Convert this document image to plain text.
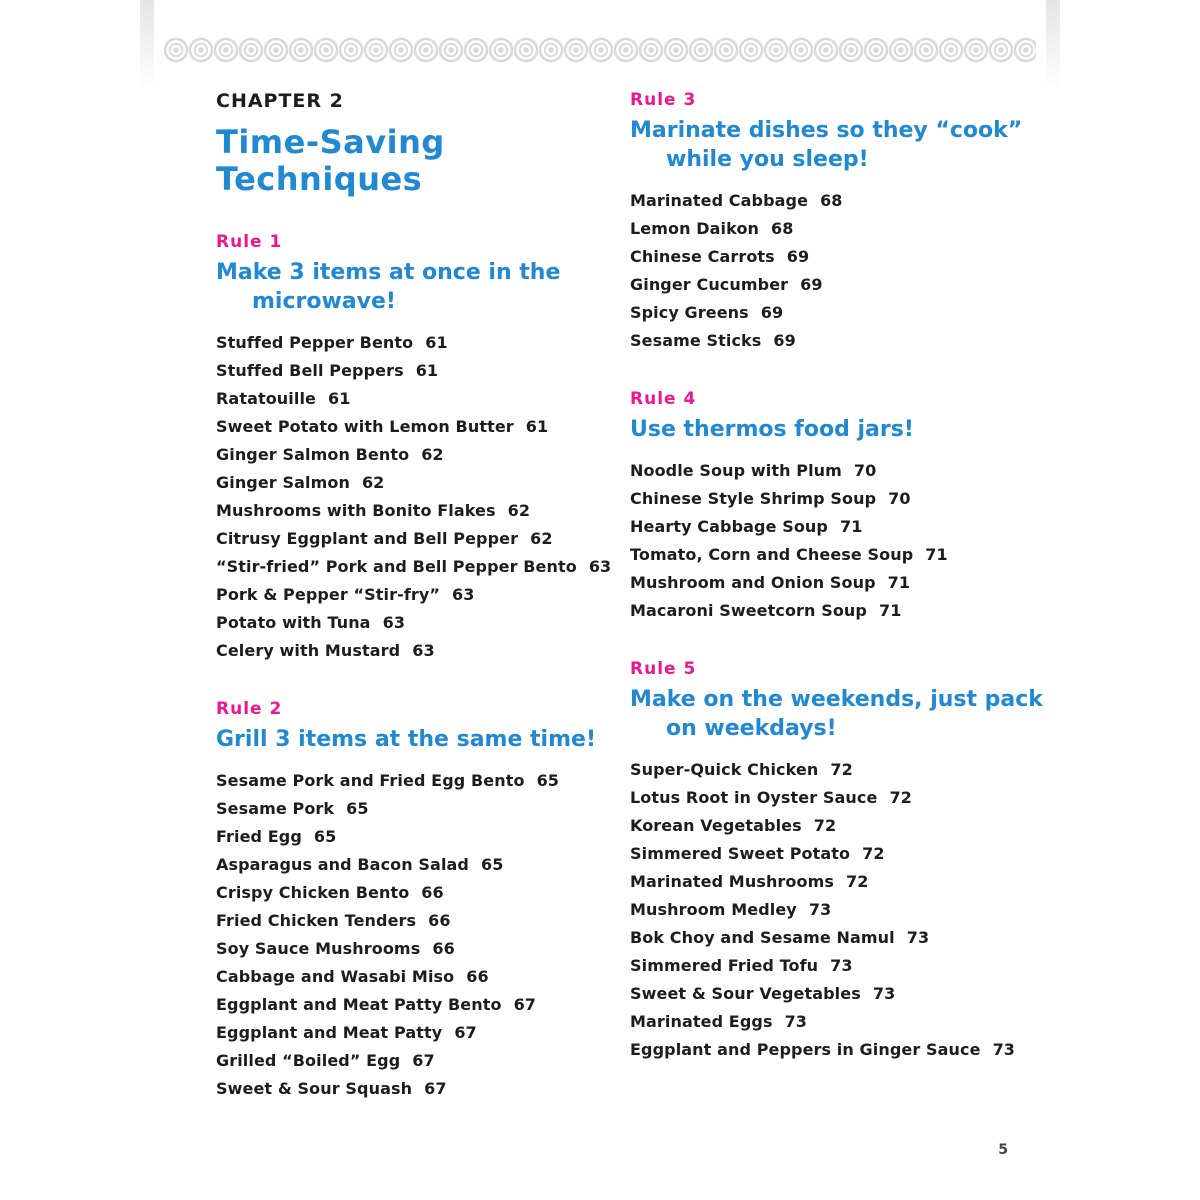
CHAPTER 2
Time-Saving Techniques
Rule 1
Make 3 items at once in the microwave!
Stuffed Pepper Bento 61
Stuffed Bell Peppers 61
Ratatouille 61
Sweet Potato with Lemon Butter 61
Ginger Salmon Bento 62
Ginger Salmon 62
Mushrooms with Bonito Flakes 62
Citrusy Eggplant and Bell Pepper 62
“Stir-fried” Pork and Bell Pepper Bento 63
Pork & Pepper “Stir-fry” 63
Potato with Tuna 63
Celery with Mustard 63
Rule 2
Grill 3 items at the same time!
Sesame Pork and Fried Egg Bento 65
Sesame Pork 65
Fried Egg 65
Asparagus and Bacon Salad 65
Crispy Chicken Bento 66
Fried Chicken Tenders 66
Soy Sauce Mushrooms 66
Cabbage and Wasabi Miso 66
Eggplant and Meat Patty Bento 67
Eggplant and Meat Patty 67
Grilled “Boiled” Egg 67
Sweet & Sour Squash 67
Rule 3
Marinate dishes so they “cook” while you sleep!
Marinated Cabbage 68
Lemon Daikon 68
Chinese Carrots 69
Ginger Cucumber 69
Spicy Greens 69
Sesame Sticks 69
Rule 4
Use thermos food jars!
Noodle Soup with Plum 70
Chinese Style Shrimp Soup 70
Hearty Cabbage Soup 71
Tomato, Corn and Cheese Soup 71
Mushroom and Onion Soup 71
Macaroni Sweetcorn Soup 71
Rule 5
Make on the weekends, just pack on weekdays!
Super-Quick Chicken 72
Lotus Root in Oyster Sauce 72
Korean Vegetables 72
Simmered Sweet Potato 72
Marinated Mushrooms 72
Mushroom Medley 73
Bok Choy and Sesame Namul 73
Simmered Fried Tofu 73
Sweet & Sour Vegetables 73
Marinated Eggs 73
Eggplant and Peppers in Ginger Sauce 73
5
